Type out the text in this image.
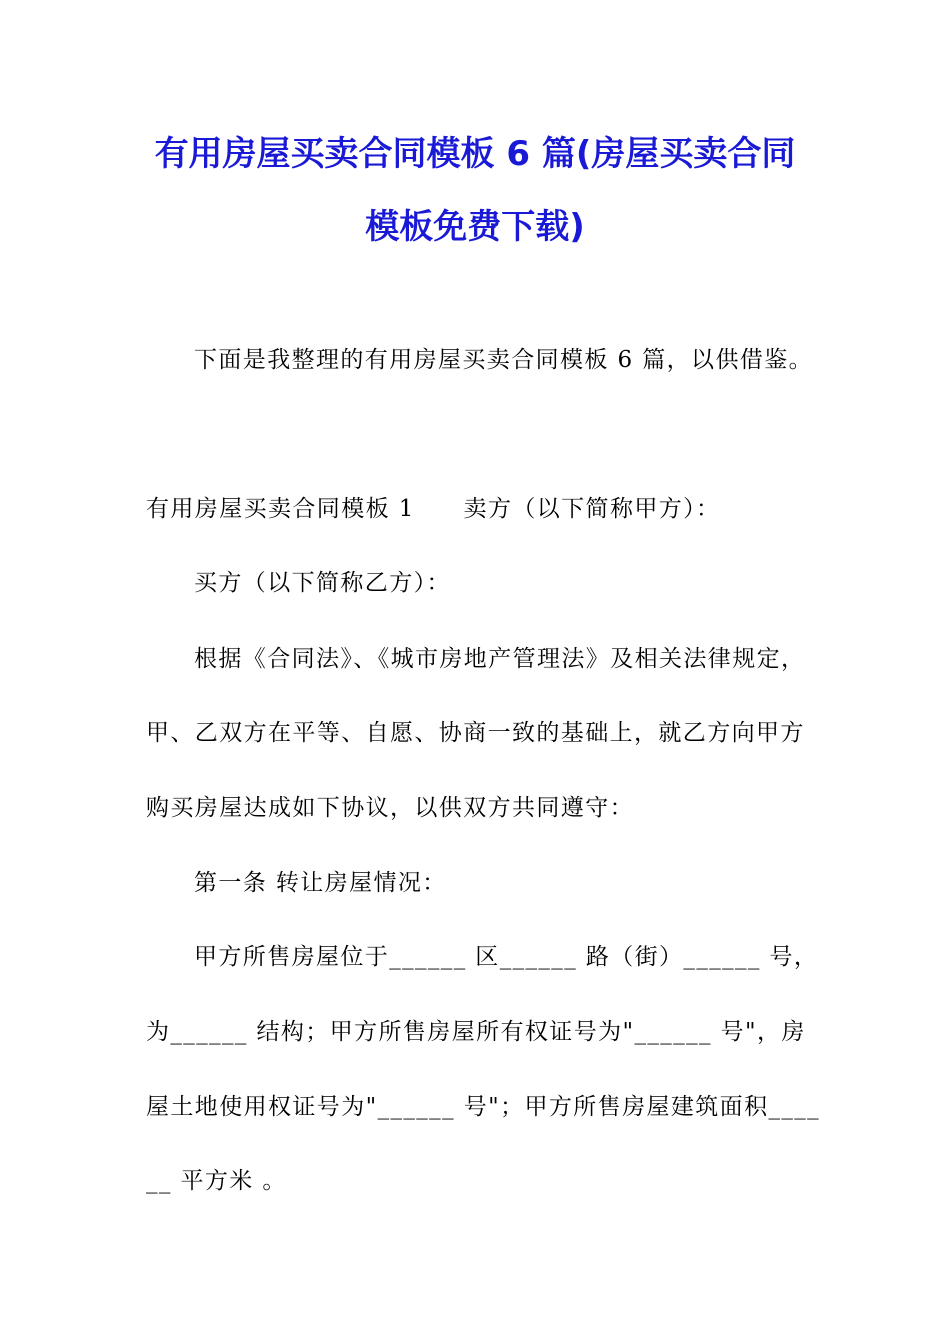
有用房屋买卖合同模板 6 篇(房屋买卖合同
模板免费下载)
下面是我整理的有用房屋买卖合同模板 6 篇，以供借鉴。
有用房屋买卖合同模板 1　　卖方（以下简称甲方）：
买方（以下简称乙方）：
根据《合同法》、《城市房地产管理法》及相关法律规定，
甲、乙双方在平等、自愿、协商一致的基础上，就乙方向甲方
购买房屋达成如下协议，以供双方共同遵守：
第一条 转让房屋情况：
甲方所售房屋位于______ 区______ 路（街）______ 号，
为______ 结构；甲方所售房屋所有权证号为"______ 号"，房
屋土地使用权证号为"______ 号"；甲方所售房屋建筑面积____
__ 平方米 。
